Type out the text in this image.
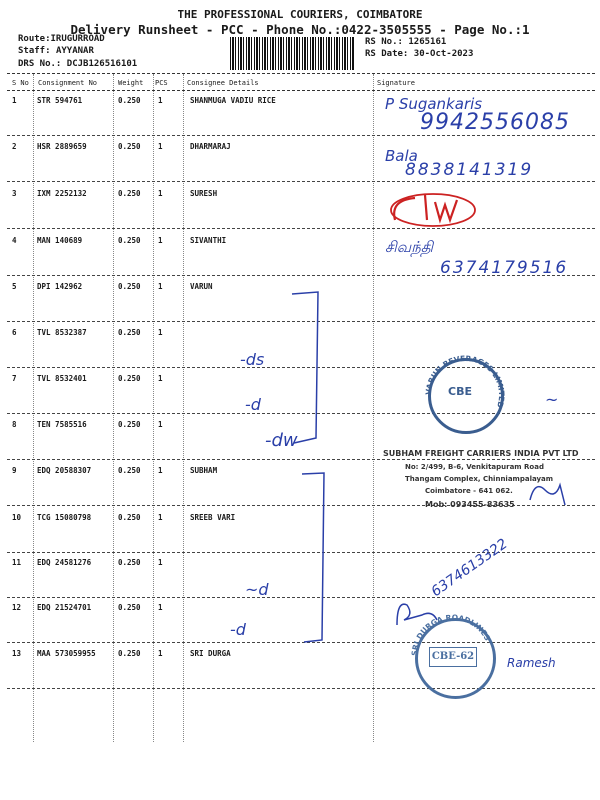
THE PROFESSIONAL COURIERS, COIMBATORE
Delivery Runsheet - PCC - Phone No.:0422-3505555 - Page No.:1
Route:IRUGURROAD
Staff: AYYANAR
DRS No.: DCJB126516101
RS No.: 1265161
RS Date: 30-Oct-2023
S No Consignment No	Weight PCS	Consignee Details	Signature
1	STR 594761	0.250 1	SHANMUGA VADIU RICE
2	HSR 2889659	0.250 1	DHARMARAJ
3	IXM 2252132	0.250 1	SURESH
4	MAN 140689	0.250 1	SIVANTHI
5	DPI 142962	0.250 1	VARUN
6	TVL 8532387	0.250 1
7	TVL 8532401	0.250 1
8	TEN 7585516	0.250 1
9	EDQ 20588307	0.250 1	SUBHAM
10 TCG 15080798	0.250 1	SREEB VARI
11 EDQ 24581276	0.250 1
12 EDQ 21524701	0.250 1
13 MAA 573059955	0.250 1	SRI DURGA
P Sugankaris
9942556085
Bala
8838141319
சிவந்தி
6374179516
-ds
-d
-dw
~d
-d
VARUN BEVERAGES LIMITED
CBE	~
SUBHAM FREIGHT CARRIERS INDIA PVT LTD
No: 2/499, B-6, Venkitapuram Road
Thangam Complex, Chinniampalayam
Coimbatore - 641 062.
Mob: 093455-83635
6374613322
SRI DURGA ROADLINES
CBE-62	Ramesh
